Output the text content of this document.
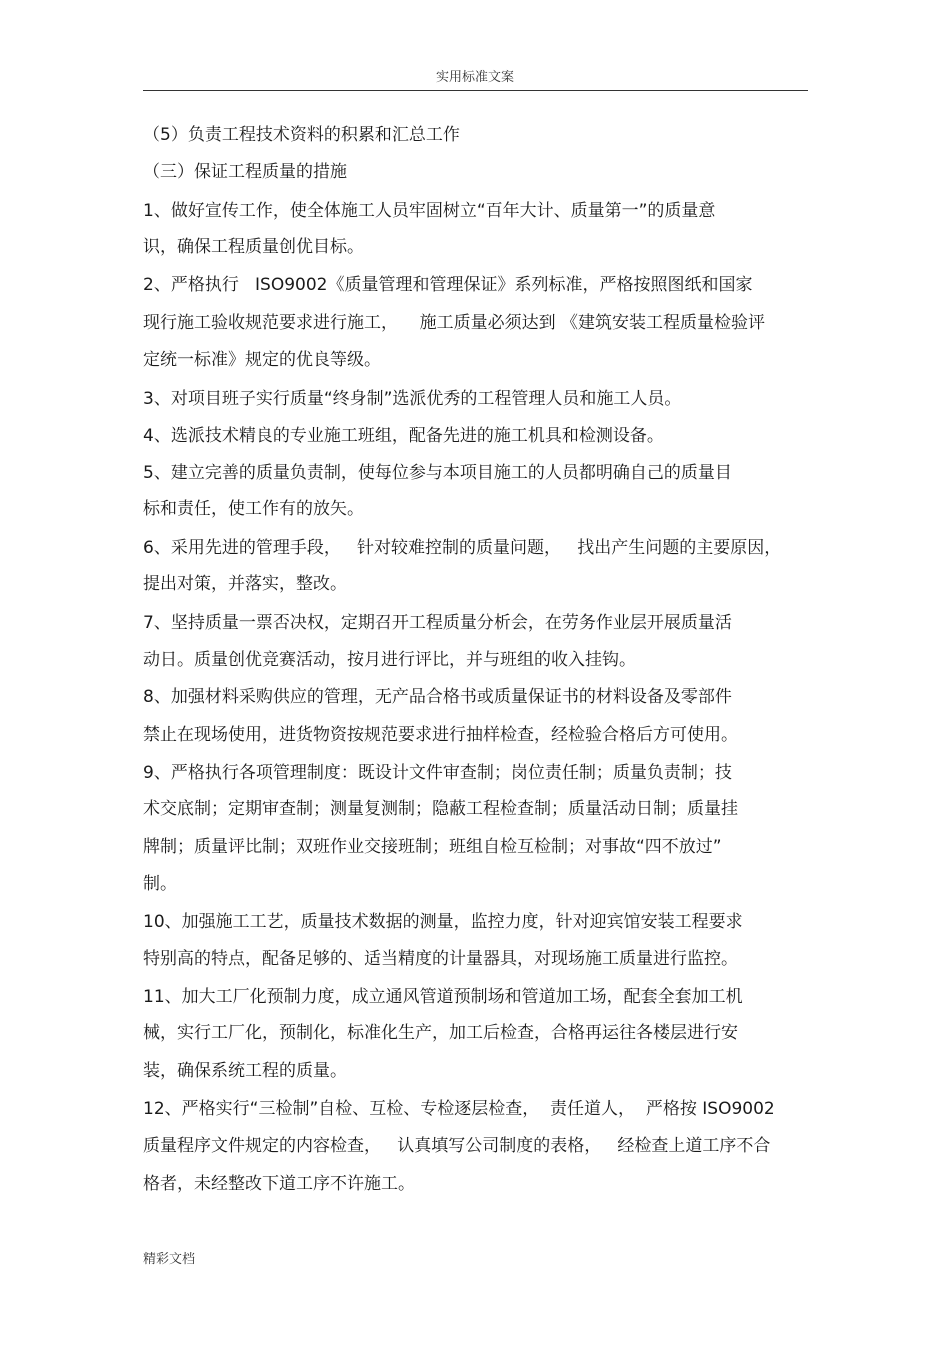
实用标准文案
（5）负责工程技术资料的积累和汇总工作
（三）保证工程质量的措施
1、做好宣传工作，使全体施工人员牢固树立“百年大计、质量第一”的质量意
识，确保工程质量创优目标。
2、严格执行   ISO9002《质量管理和管理保证》系列标准，严格按照图纸和国家
现行施工验收规范要求进行施工，    施工质量必须达到 《建筑安装工程质量检验评
定统一标准》规定的优良等级。
3、对项目班子实行质量“终身制”选派优秀的工程管理人员和施工人员。
4、选派技术精良的专业施工班组，配备先进的施工机具和检测设备。
5、建立完善的质量负责制，使每位参与本项目施工的人员都明确自己的质量目
标和责任，使工作有的放矢。
6、采用先进的管理手段，   针对较难控制的质量问题，   找出产生问题的主要原因，
提出对策，并落实，整改。
7、坚持质量一票否决权，定期召开工程质量分析会，在劳务作业层开展质量活
动日。质量创优竞赛活动，按月进行评比，并与班组的收入挂钩。
8、加强材料采购供应的管理，无产品合格书或质量保证书的材料设备及零部件
禁止在现场使用，进货物资按规范要求进行抽样检查，经检验合格后方可使用。
9、严格执行各项管理制度：既设计文件审查制；岗位责任制；质量负责制；技
术交底制；定期审查制；测量复测制；隐蔽工程检查制；质量活动日制；质量挂
牌制；质量评比制；双班作业交接班制；班组自检互检制；对事故“四不放过”
制。
10、加强施工工艺，质量技术数据的测量，监控力度，针对迎宾馆安装工程要求
特别高的特点，配备足够的、适当精度的计量器具，对现场施工质量进行监控。
11、加大工厂化预制力度，成立通风管道预制场和管道加工场，配套全套加工机
械，实行工厂化，预制化，标准化生产，加工后检查，合格再运往各楼层进行安
装，确保系统工程的质量。
12、严格实行“三检制”自检、互检、专检逐层检查，  责任道人，  严格按 ISO9002
质量程序文件规定的内容检查，   认真填写公司制度的表格，   经检查上道工序不合
格者，未经整改下道工序不许施工。
精彩文档
